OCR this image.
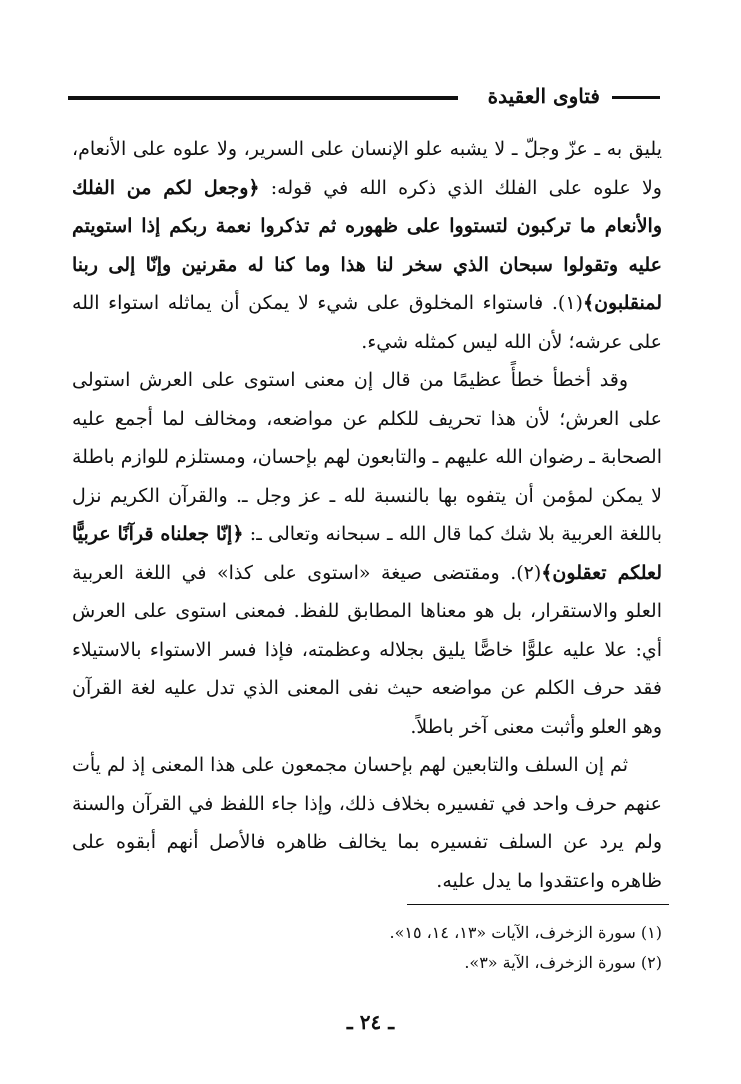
فتاوى العقيدة

يليق به ـ عزّ وجلّ ـ لا يشبه علو الإنسان على السرير، ولا علوه على الأنعام، ولا علوه على الفلك الذي ذكره الله في قوله: ﴿وجعل لكم من الفلك والأنعام ما تركبون لتستووا على ظهوره ثم تذكروا نعمة ربكم إذا استويتم عليه وتقولوا سبحان الذي سخر لنا هذا وما كنا له مقرنين وإنّا إلى ربنا لمنقلبون﴾(١). فاستواء المخلوق على شيء لا يمكن أن يماثله استواء الله على عرشه؛ لأن الله ليس كمثله شيء.

وقد أخطأ خطأً عظيمًا من قال إن معنى استوى على العرش استولى على العرش؛ لأن هذا تحريف للكلم عن مواضعه، ومخالف لما أجمع عليه الصحابة ـ رضوان الله عليهم ـ والتابعون لهم بإحسان، ومستلزم للوازم باطلة لا يمكن لمؤمن أن يتفوه بها بالنسبة لله ـ عز وجل ـ. والقرآن الكريم نزل باللغة العربية بلا شك كما قال الله ـ سبحانه وتعالى ـ: ﴿إنّا جعلناه قرآنًا عربيًّا لعلكم تعقلون﴾(٢). ومقتضى صيغة «استوى على كذا» في اللغة العربية العلو والاستقرار، بل هو معناها المطابق للفظ. فمعنى استوى على العرش أي: علا عليه علوًّا خاصًّا يليق بجلاله وعظمته، فإذا فسر الاستواء بالاستيلاء فقد حرف الكلم عن مواضعه حيث نفى المعنى الذي تدل عليه لغة القرآن وهو العلو وأثبت معنى آخر باطلاً.

ثم إن السلف والتابعين لهم بإحسان مجمعون على هذا المعنى إذ لم يأت عنهم حرف واحد في تفسيره بخلاف ذلك، وإذا جاء اللفظ في القرآن والسنة ولم يرد عن السلف تفسيره بما يخالف ظاهره فالأصل أنهم أبقوه على ظاهره واعتقدوا ما يدل عليه.

(١) سورة الزخرف، الآيات «١٣، ١٤، ١٥».
(٢) سورة الزخرف، الآية «٣».
ـ ٢٤ ـ
